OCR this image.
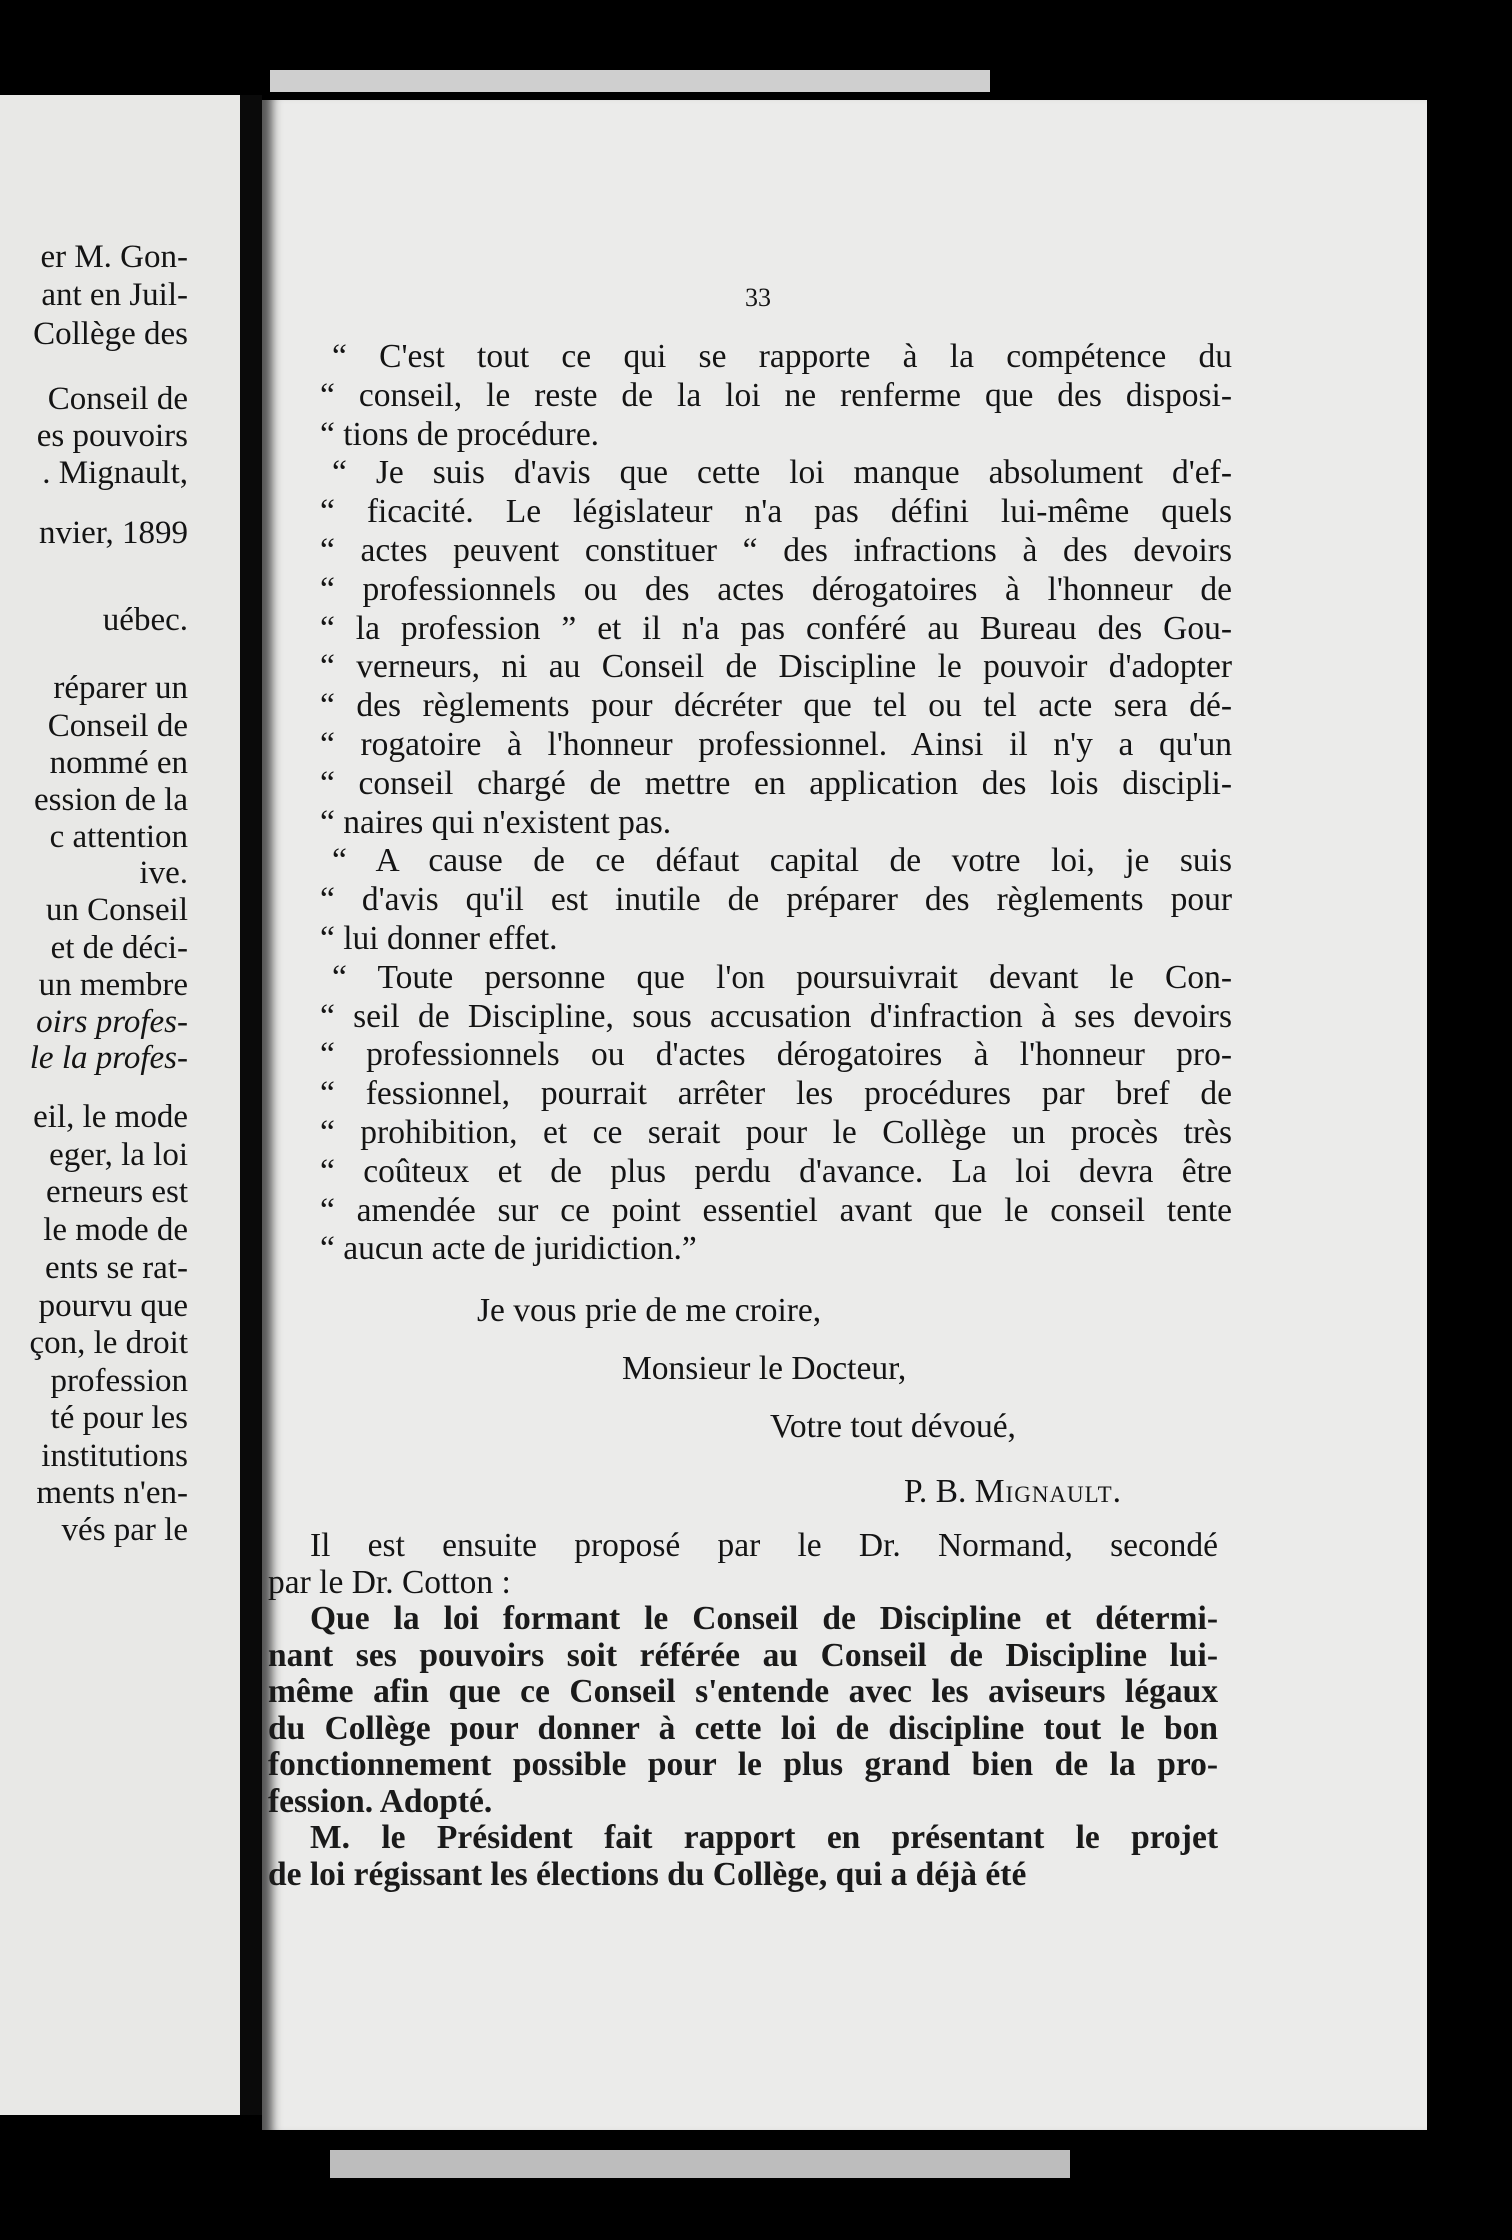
er M. Gon-
ant en Juil-
Collège des
Conseil de
es pouvoirs
. Mignault,
nvier, 1899
uébec.
réparer un
Conseil de
nommé en
ession de la
c attention
ive.
un Conseil
et de déci-
un membre
oirs profes-
le la profes-
eil, le mode
eger, la loi
erneurs est
le mode de
ents se rat-
pourvu que
çon, le droit
profession
té pour les
institutions
ments n'en-
vés par le
33

“ C'est tout ce qui se rapporte à la compétence du

“ conseil, le reste de la loi ne renferme que des disposi-

“ tions de procédure.

“ Je suis d'avis que cette loi manque absolument d'ef-

“ ficacité. Le législateur n'a pas défini lui-même quels

“ actes peuvent constituer “ des infractions à des devoirs

“ professionnels ou des actes dérogatoires à l'honneur de

“ la profession ” et il n'a pas conféré au Bureau des Gou-

“ verneurs, ni au Conseil de Discipline le pouvoir d'adopter

“ des règlements pour décréter que tel ou tel acte sera dé-

“ rogatoire à l'honneur professionnel. Ainsi il n'y a qu'un

“ conseil chargé de mettre en application des lois discipli-

“ naires qui n'existent pas.

“ A cause de ce défaut capital de votre loi, je suis

“ d'avis qu'il est inutile de préparer des règlements pour

“ lui donner effet.

“ Toute personne que l'on poursuivrait devant le Con-

“ seil de Discipline, sous accusation d'infraction à ses devoirs

“ professionnels ou d'actes dérogatoires à l'honneur pro-

“ fessionnel, pourrait arrêter les procédures par bref de

“ prohibition, et ce serait pour le Collège un procès très

“ coûteux et de plus perdu d'avance. La loi devra être

“ amendée sur ce point essentiel avant que le conseil tente

“ aucun acte de juridiction.”

Je vous prie de me croire,
Monsieur le Docteur,
Votre tout dévoué,
P. B. Mignault.

Il est ensuite proposé par le Dr. Normand, secondé

par le Dr. Cotton :

Que la loi formant le Conseil de Discipline et détermi-

nant ses pouvoirs soit référée au Conseil de Discipline lui-

même afin que ce Conseil s'entende avec les aviseurs légaux

du Collège pour donner à cette loi de discipline tout le bon

fonctionnement possible pour le plus grand bien de la pro-

fession. Adopté.

M. le Président fait rapport en présentant le projet

de loi régissant les élections du Collège, qui a déjà été
